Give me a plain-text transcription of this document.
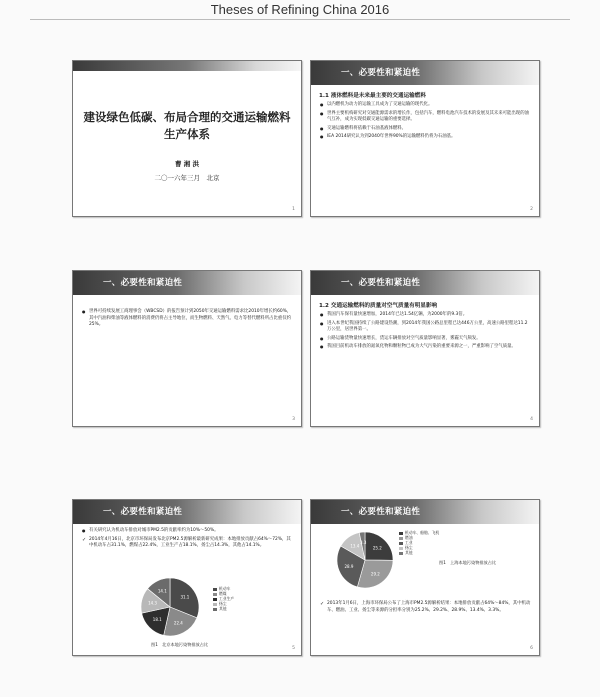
Theses of Refining China 2016
建设绿色低碳、布局合理的交通运输燃料生产体系
曹 湘 洪
二〇一六年三月　北京
1
一、必要性和紧迫性
1.1 液体燃料是未来最主要的交通运输燃料
● 以内燃机为动力的运输工具成为了交通运输的现代化。
● 世界主要机构研究对交通能源需求的增长作，包括汽车，燃料电池汽车技术的发展及其未来可能出现的油气互补，成为实现低碳交通运输的重要选择。
● 交通运输燃料将依赖于石油基液体燃料。
● IEA 2014研究认为到2040年世界90%的运输燃料仍将为石油基。
2
一、必要性和紧迫性
● 世界可持续发展工商理事会（WBCSD）的报告预计到2050年交通运输燃料需求比2010年增长约60%，其中汽油和柴油等液体燃料的消费仍将占主导地位，而生物燃料、天然气、电力等替代燃料所占比重仅约25%。
3
一、必要性和紧迫性
1.2 交通运输燃料的质量对空气质量有明显影响
● 我国汽车保有量快速增加，2014年已达1.54亿辆，为2000年的9.3倍。
● 进入本世纪我国持续了公路建设热潮，到2014年我国公路总里程已达446万公里，高速公路里程达11.2万公里，居世界第一。
● 公路运输货物量快速增长，货运车辆排放对空气质量影响显著，雾霾天气频发。
● 我国目前机动车排放的氮氧化物和颗粒物已成为大气污染的重要来源之一，严重影响了空气质量。
4
一、必要性和紧迫性
● 有关研究认为机动车排放对城市PM2.5的贡献率约为10%～50%。
✓ 2014年4月16日，北京市环保局发布北京PM2.5源解析最新研究成果：本地排放贡献占64%～72%，其中机动车占31.1%，燃煤占22.4%，工业生产占18.1%，扬尘占14.3%，其他占14.1%。
31.1
22.4
18.1
14.3
14.1	机动车
燃煤
工业生产
扬尘
其他
图1　北京本地污染物排放占比
5
一、必要性和紧迫性
25.2
29.2
28.9
13.4
3.3
机动车、船舶、飞机
燃油
工业
扬尘
其他
图1　上海本地污染物排放占比
✓ 2013年1月6日，上海市环保局公布了上海市PM2.5源解析结果：本地排放贡献占64%～84%，其中机动车、燃油、工业、扬尘等来源的分担率分别为25.2%、29.2%、28.9%、13.4%、3.3%。
6
